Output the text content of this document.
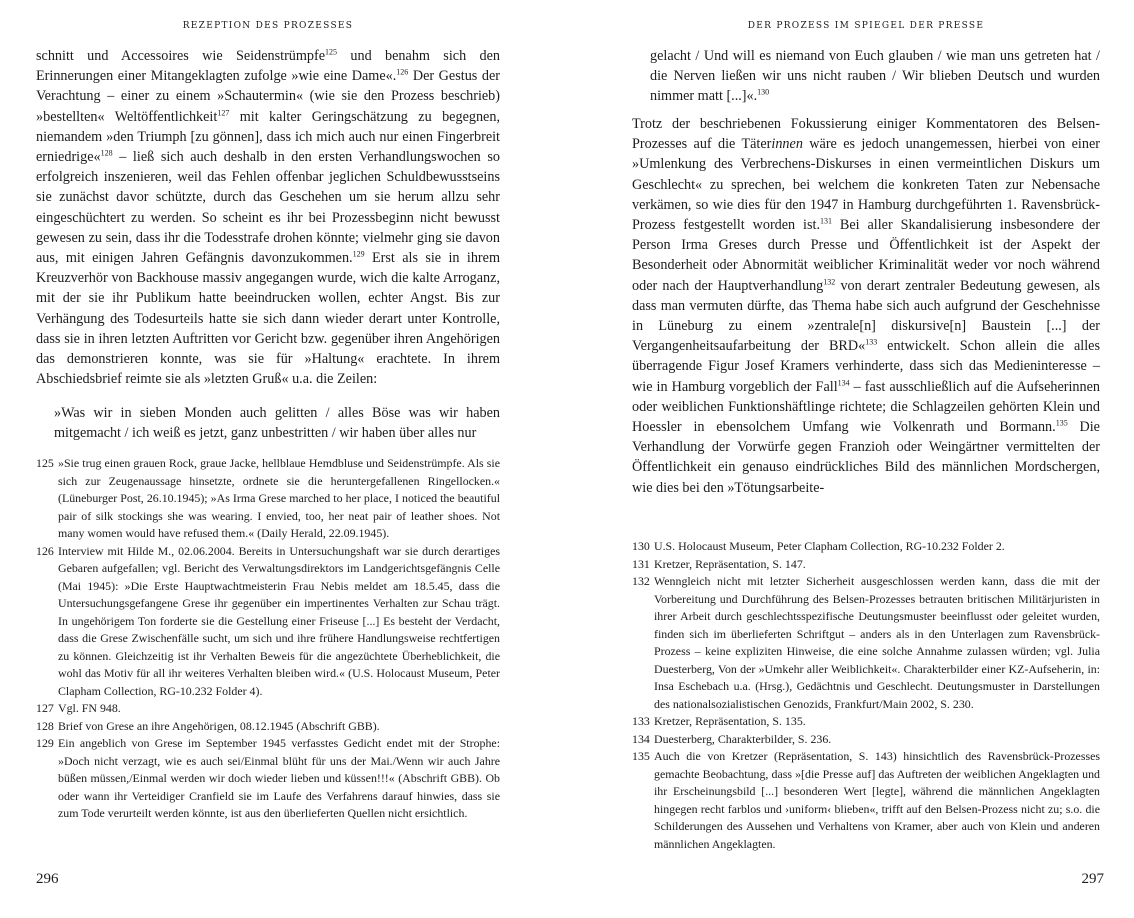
REZEPTION DES PROZESSES

schnitt und Accessoires wie Seidenstrümpfe$^{125}$ und benahm sich den Erinnerungen einer Mitangeklagten zufolge »wie eine Dame«.$^{126}$ Der Gestus der Verachtung – einer zu einem »Schautermin« (wie sie den Prozess beschrieb) »bestellten« Weltöffentlichkeit$^{127}$ mit kalter Geringschätzung zu begegnen, niemandem »den Triumph [zu gönnen], dass ich mich auch nur einen Fingerbreit erniedrige«$^{128}$ – ließ sich auch deshalb in den ersten Verhandlungswochen so erfolgreich inszenieren, weil das Fehlen offenbar jeglichen Schuldbewusstseins sie zunächst davor schützte, durch das Geschehen um sie herum allzu sehr eingeschüchtert zu werden. So scheint es ihr bei Prozessbeginn nicht bewusst gewesen zu sein, dass ihr die Todesstrafe drohen könnte; vielmehr ging sie davon aus, mit einigen Jahren Gefängnis davonzukommen.$^{129}$ Erst als sie in ihrem Kreuzverhör von Backhouse massiv angegangen wurde, wich die kalte Arroganz, mit der sie ihr Publikum hatte beeindrucken wollen, echter Angst. Bis zur Verhängung des Todesurteils hatte sie sich dann wieder derart unter Kontrolle, dass sie in ihren letzten Auftritten vor Gericht bzw. gegenüber ihren Angehörigen das demonstrieren konnte, was sie für »Haltung« erachtete. In ihrem Abschiedsbrief reimte sie als »letzten Gruß« u.a. die Zeilen:

»Was wir in sieben Monden auch gelitten / alles Böse was wir haben mitgemacht / ich weiß es jetzt, ganz unbestritten / wir haben über alles nur

125 »Sie trug einen grauen Rock, graue Jacke, hellblaue Hemdbluse und Seidenstrümpfe. Als sie sich zur Zeugenaussage hinsetzte, ordnete sie die heruntergefallenen Ringellocken.« (Lüneburger Post, 26.10.1945); »As Irma Grese marched to her place, I noticed the beautiful pair of silk stockings she was wearing. I envied, too, her neat pair of leather shoes. Not many women would have refused them.« (Daily Herald, 22.09.1945).
126 Interview mit Hilde M., 02.06.2004. Bereits in Untersuchungshaft war sie durch derartiges Gebaren aufgefallen; vgl. Bericht des Verwaltungsdirektors im Landgerichtsgefängnis Celle (Mai 1945): »Die Erste Hauptwachtmeisterin Frau Nebis meldet am 18.5.45, dass die Untersuchungsgefangene Grese ihr gegenüber ein impertinentes Verhalten zur Schau trägt. In ungehörigem Ton forderte sie die Gestellung einer Friseuse [...] Es besteht der Verdacht, dass die Grese Zwischenfälle sucht, um sich und ihre frühere Handlungsweise rechtfertigen zu können. Gleichzeitig ist ihr Verhalten Beweis für die angezüchtete Überheblichkeit, die wohl das Motiv für all ihr weiteres Verhalten bleiben wird.« (U.S. Holocaust Museum, Peter Clapham Collection, RG-10.232 Folder 4).
127 Vgl. FN 948.
128 Brief von Grese an ihre Angehörigen, 08.12.1945 (Abschrift GBB).
129 Ein angeblich von Grese im September 1945 verfasstes Gedicht endet mit der Strophe: »Doch nicht verzagt, wie es auch sei/Einmal blüht für uns der Mai./Wenn wir auch Jahre büßen müssen,/Einmal werden wir doch wieder lieben und küssen!!!« (Abschrift GBB). Ob oder wann ihr Verteidiger Cranfield sie im Laufe des Verfahrens darauf hinwies, dass sie zum Tode verurteilt werden könnte, ist aus den überlieferten Quellen nicht ersichtlich.
296
DER PROZESS IM SPIEGEL DER PRESSE

gelacht / Und will es niemand von Euch glauben / wie man uns getreten hat / die Nerven ließen wir uns nicht rauben / Wir blieben Deutsch und wurden nimmer matt [...]«.$^{130}$

Trotz der beschriebenen Fokussierung einiger Kommentatoren des Belsen-Prozesses auf die Täterinnen wäre es jedoch unangemessen, hierbei von einer »Umlenkung des Verbrechens-Diskurses in einen vermeintlichen Diskurs um Geschlecht« zu sprechen, bei welchem die konkreten Taten zur Nebensache verkämen, so wie dies für den 1947 in Hamburg durchgeführten 1. Ravensbrück-Prozess festgestellt worden ist.$^{131}$ Bei aller Skandalisierung insbesondere der Person Irma Greses durch Presse und Öffentlichkeit ist der Aspekt der Besonderheit oder Abnormität weiblicher Kriminalität weder vor noch während oder nach der Hauptverhandlung$^{132}$ von derart zentraler Bedeutung gewesen, als dass man vermuten dürfte, das Thema habe sich auch aufgrund der Geschehnisse in Lüneburg zu einem »zentrale[n] diskursive[n] Baustein [...] der Vergangenheitsaufarbeitung der BRD«$^{133}$ entwickelt. Schon allein die alles überragende Figur Josef Kramers verhinderte, dass sich das Medieninteresse – wie in Hamburg vorgeblich der Fall$^{134}$ – fast ausschließlich auf die Aufseherinnen oder weiblichen Funktionshäftlinge richtete; die Schlagzeilen gehörten Klein und Hoessler in ebensolchem Umfang wie Volkenrath und Bormann.$^{135}$ Die Verhandlung der Vorwürfe gegen Franzioh oder Weingärtner vermittelten der Öffentlichkeit ein genauso eindrückliches Bild des männlichen Mordschergen, wie dies bei den »Tötungsarbeite-

130 U.S. Holocaust Museum, Peter Clapham Collection, RG-10.232 Folder 2.
131 Kretzer, Repräsentation, S. 147.
132 Wenngleich nicht mit letzter Sicherheit ausgeschlossen werden kann, dass die mit der Vorbereitung und Durchführung des Belsen-Prozesses betrauten britischen Militärjuristen in ihrer Arbeit durch geschlechtsspezifische Deutungsmuster beeinflusst oder geleitet wurden, finden sich im überlieferten Schriftgut – anders als in den Unterlagen zum Ravensbrück-Prozess – keine expliziten Hinweise, die eine solche Annahme zulassen würden; vgl. Julia Duesterberg, Von der »Umkehr aller Weiblichkeit«. Charakterbilder einer KZ-Aufseherin, in: Insa Eschebach u.a. (Hrsg.), Gedächtnis und Geschlecht. Deutungsmuster in Darstellungen des nationalsozialistischen Genozids, Frankfurt/Main 2002, S. 230.
133 Kretzer, Repräsentation, S. 135.
134 Duesterberg, Charakterbilder, S. 236.
135 Auch die von Kretzer (Repräsentation, S. 143) hinsichtlich des Ravensbrück-Prozesses gemachte Beobachtung, dass »[die Presse auf] das Auftreten der weiblichen Angeklagten und ihr Erscheinungsbild [...] besonderen Wert [legte], während die männlichen Angeklagten hingegen recht farblos und ›uniform‹ blieben«, trifft auf den Belsen-Prozess nicht zu; s.o. die Schilderungen des Aussehen und Verhaltens von Kramer, aber auch von Klein und anderen männlichen Angeklagten.
297
